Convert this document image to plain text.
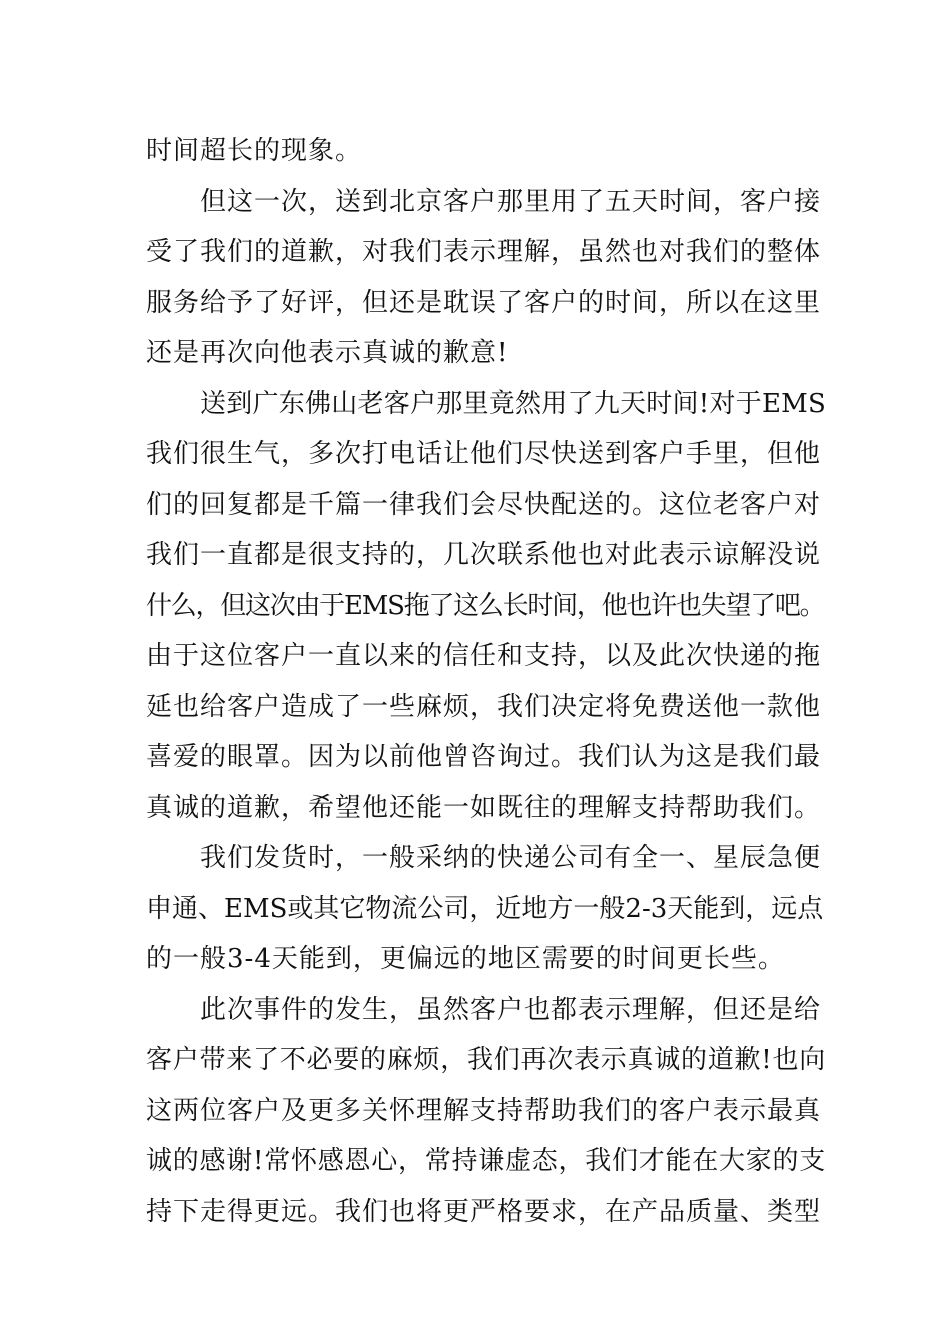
时间超长的现象。
但这一次，送到北京客户那里用了五天时间，客户接
受了我们的道歉，对我们表示理解，虽然也对我们的整体
服务给予了好评，但还是耽误了客户的时间，所以在这里
还是再次向他表示真诚的歉意!
送到广东佛山老客户那里竟然用了九天时间!对于EMS
我们很生气，多次打电话让他们尽快送到客户手里，但他
们的回复都是千篇一律我们会尽快配送的。这位老客户对
我们一直都是很支持的，几次联系他也对此表示谅解没说
什么，但这次由于EMS拖了这么长时间，他也许也失望了吧。
由于这位客户一直以来的信任和支持，以及此次快递的拖
延也给客户造成了一些麻烦，我们决定将免费送他一款他
喜爱的眼罩。因为以前他曾咨询过。我们认为这是我们最
真诚的道歉，希望他还能一如既往的理解支持帮助我们。
我们发货时，一般采纳的快递公司有全一、星辰急便
申通、EMS或其它物流公司，近地方一般2-3天能到，远点
的一般3-4天能到，更偏远的地区需要的时间更长些。
此次事件的发生，虽然客户也都表示理解，但还是给
客户带来了不必要的麻烦，我们再次表示真诚的道歉!也向
这两位客户及更多关怀理解支持帮助我们的客户表示最真
诚的感谢!常怀感恩心，常持谦虚态，我们才能在大家的支
持下走得更远。我们也将更严格要求，在产品质量、类型
